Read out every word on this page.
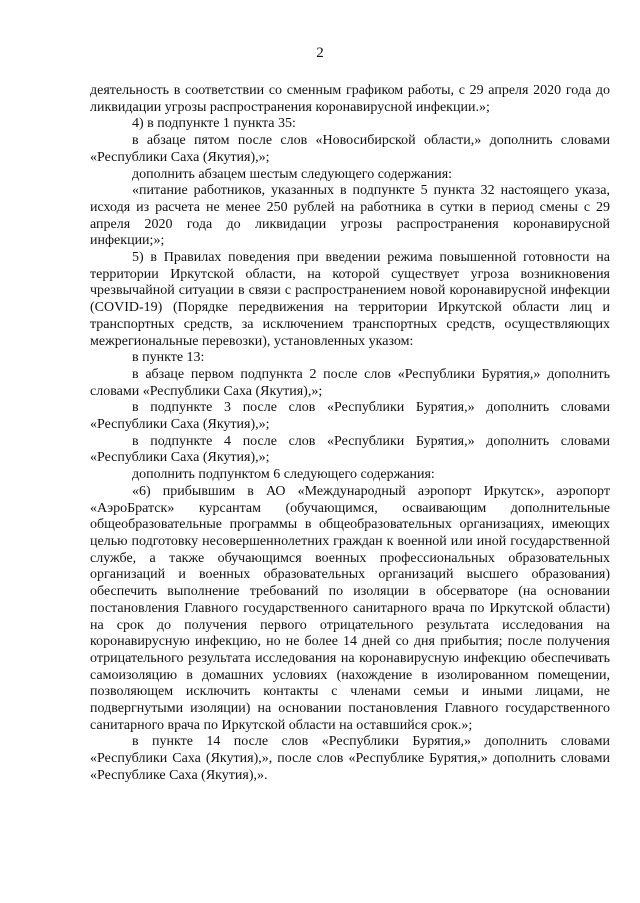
2

деятельность в соответствии со сменным графиком работы, с 29 апреля 2020 года до ликвидации угрозы распространения коронавирусной инфекции.»;

4) в подпункте 1 пункта 35:

в абзаце пятом после слов «Новосибирской области,» дополнить словами «Республики Саха (Якутия),»;

дополнить абзацем шестым следующего содержания:

«питание работников, указанных в подпункте 5 пункта 32 настоящего указа, исходя из расчета не менее 250 рублей на работника в сутки в период смены с 29 апреля 2020 года до ликвидации угрозы распространения коронавирусной инфекции;»;

5) в Правилах поведения при введении режима повышенной готовности на территории Иркутской области, на которой существует угроза возникновения чрезвычайной ситуации в связи с распространением новой коронавирусной инфекции (COVID-19) (Порядке передвижения на территории Иркутской области лиц и транспортных средств, за исключением транспортных средств, осуществляющих межрегиональные перевозки), установленных указом:

в пункте 13:

в абзаце первом подпункта 2 после слов «Республики Бурятия,» дополнить словами «Республики Саха (Якутия),»;

в подпункте 3 после слов «Республики Бурятия,» дополнить словами «Республики Саха (Якутия),»;

в подпункте 4 после слов «Республики Бурятия,» дополнить словами «Республики Саха (Якутия),»;

дополнить подпунктом 6 следующего содержания:

«6) прибывшим в АО «Международный аэропорт Иркутск», аэропорт «АэроБратск» курсантам (обучающимся, осваивающим дополнительные общеобразовательные программы в общеобразовательных организациях, имеющих целью подготовку несовершеннолетних граждан к военной или иной государственной службе, а также обучающимся военных профессиональных образовательных организаций и военных образовательных организаций высшего образования) обеспечить выполнение требований по изоляции в обсерваторе (на основании постановления Главного государственного санитарного врача по Иркутской области) на срок до получения первого отрицательного результата исследования на коронавирусную инфекцию, но не более 14 дней со дня прибытия; после получения отрицательного результата исследования на коронавирусную инфекцию обеспечивать самоизоляцию в домашних условиях (нахождение в изолированном помещении, позволяющем исключить контакты с членами семьи и иными лицами, не подвергнутыми изоляции) на основании постановления Главного государственного санитарного врача по Иркутской области на оставшийся срок.»;

в пункте 14 после слов «Республики Бурятия,» дополнить словами «Республики Саха (Якутия),», после слов «Республике Бурятия,» дополнить словами «Республике Саха (Якутия),».
